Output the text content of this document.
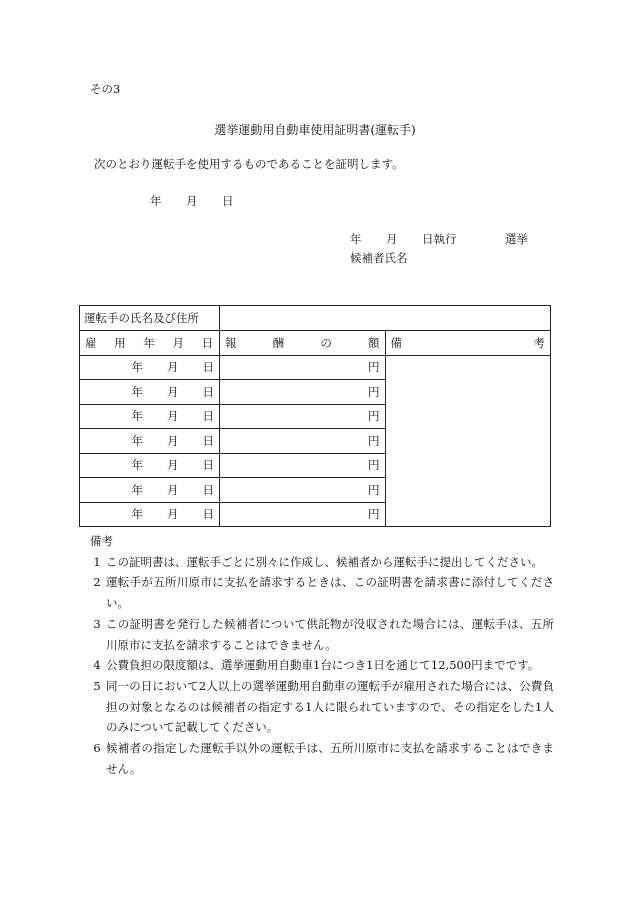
その3
選挙運動用自動車使用証明書(運転手)
次のとおり運転手を使用するものであることを証明します。
年 月 日
年 月 日執行	選挙
候補者氏名
運転手の氏名及び住所		

雇 用 年 月 日	報 酬 の 額	備 考

年 月 日	円	

年 月 日	円	

年 月 日	円	

年 月 日	円	

年 月 日	円	

年 月 日	円	

年 月 日	円	
備考
1 この証明書は、運転手ごとに別々に作成し、候補者から運転手に提出してください。
2 運転手が五所川原市に支払を請求するときは、この証明書を請求書に添付してください。
3 この証明書を発行した候補者について供託物が没収された場合には、運転手は、五所川原市に支払を請求することはできません。
4 公費負担の限度額は、選挙運動用自動車1台につき1日を通じて12,500円までです。
5 同一の日において2人以上の選挙運動用自動車の運転手が雇用された場合には、公費負担の対象となるのは候補者の指定する1人に限られていますので、その指定をした1人のみについて記載してください。
6 候補者の指定した運転手以外の運転手は、五所川原市に支払を請求することはできません。
